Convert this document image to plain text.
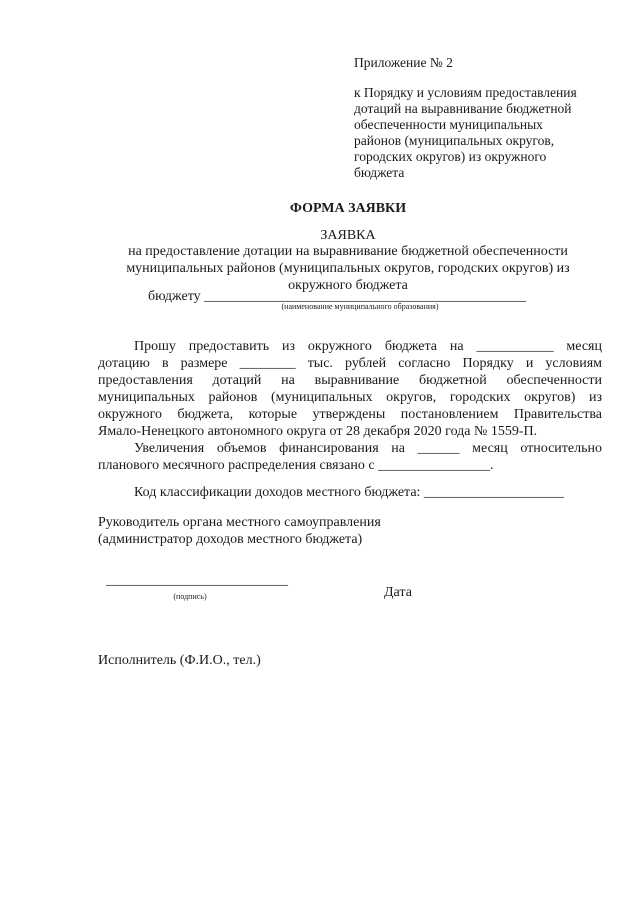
Приложение № 2
к Порядку и условиям предоставления
дотаций на выравнивание бюджетной
обеспеченности муниципальных
районов (муниципальных округов,
городских округов) из окружного
бюджета
ФОРМА ЗАЯВКИ
ЗАЯВКА
на предоставление дотации на выравнивание бюджетной обеспеченности
муниципальных районов (муниципальных округов, городских округов) из
окружного бюджета
бюджету ______________________________________________
(наименование муниципального образования)
Прошу предоставить из окружного бюджета на ___________ месяц
дотацию в размере ________ тыс. рублей согласно Порядку и условиям
предоставления дотаций на выравнивание бюджетной обеспеченности
муниципальных районов (муниципальных округов, городских округов) из
окружного бюджета, которые утверждены постановлением Правительства
Ямало-Ненецкого автономного округа от 28 декабря 2020 года № 1559-П.
Увеличения объемов финансирования на ______ месяц относительно
планового месячного распределения связано с ________________.
Код классификации доходов местного бюджета: ____________________
Руководитель органа местного самоуправления
(администратор доходов местного бюджета)
__________________________
(подпись)	Дата
Исполнитель (Ф.И.О., тел.)
